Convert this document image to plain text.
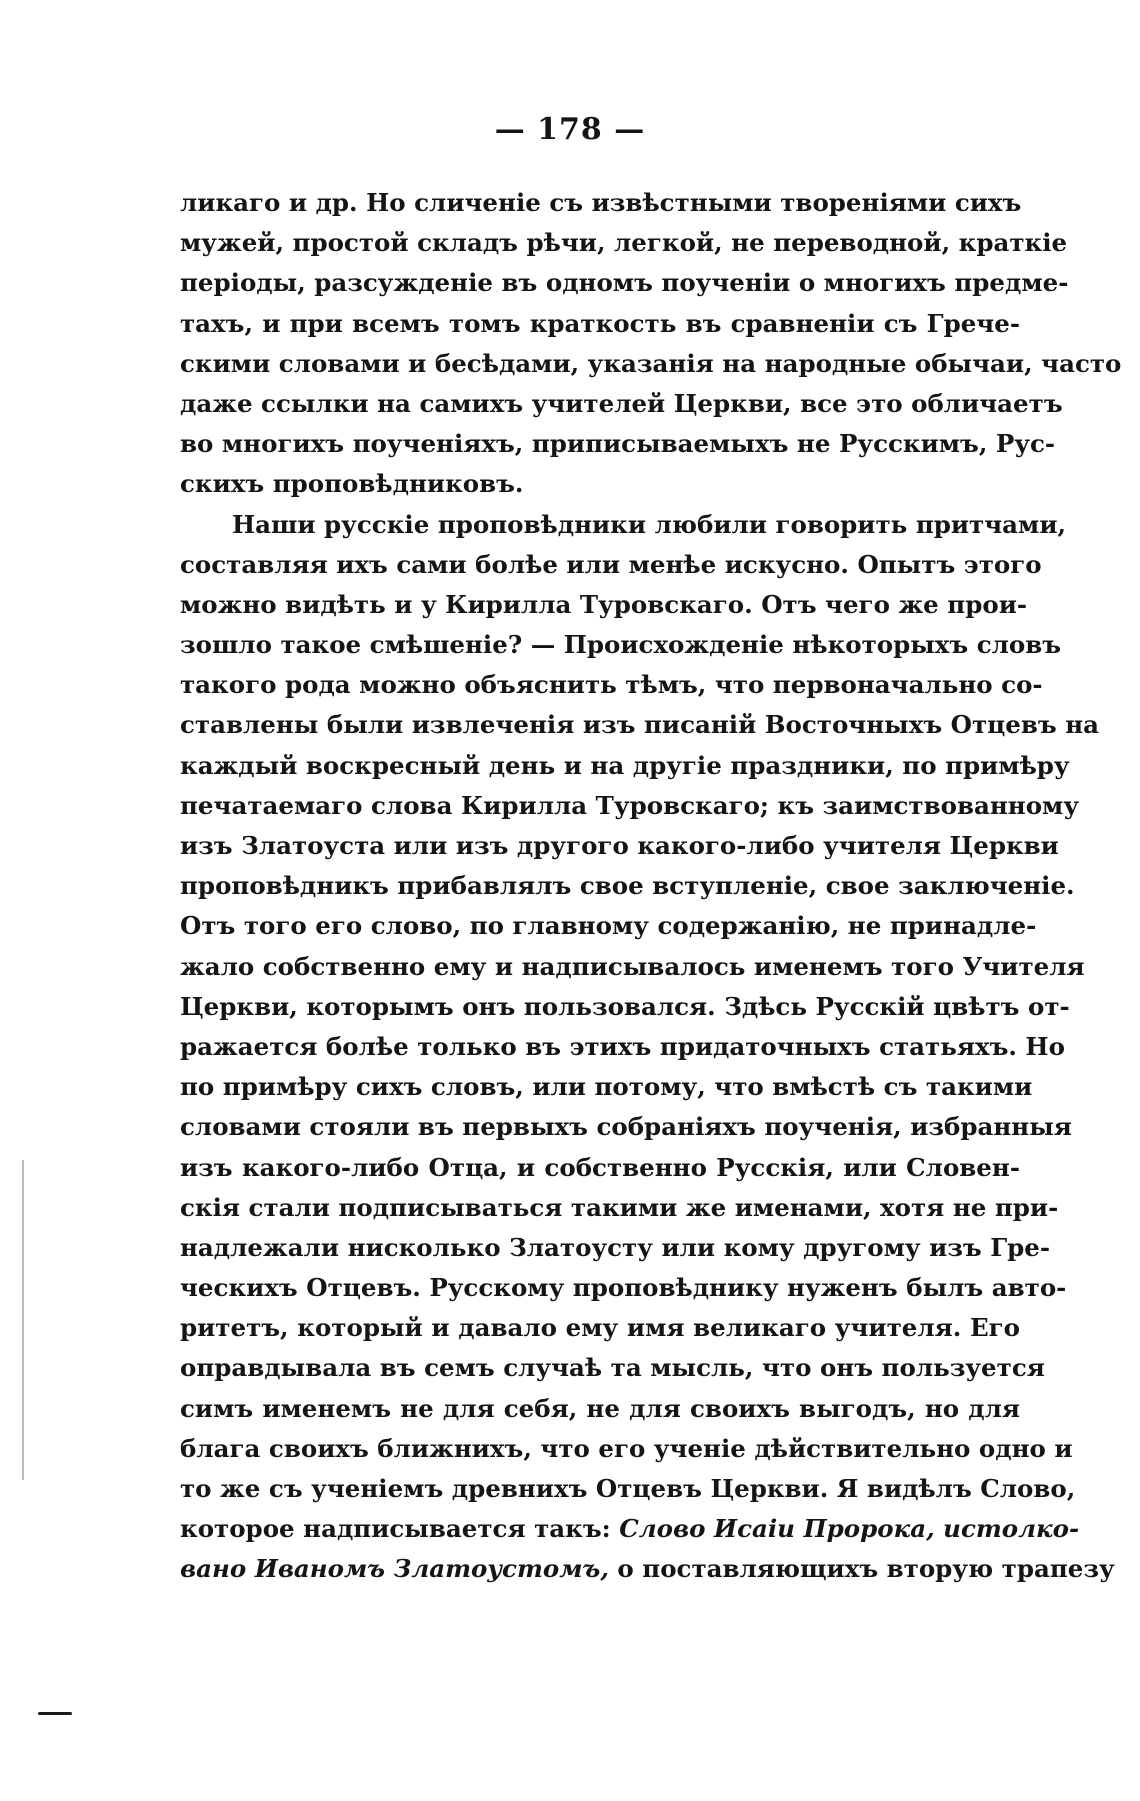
— 178 —
ликаго и др. Но сличеніе съ извѣстными твореніями сихъ
мужей, простой складъ рѣчи, легкой, не переводной, краткіе
періоды, разсужденіе въ одномъ поученіи о многихъ предме-
тахъ, и при всемъ томъ краткость въ сравненіи съ Грече-
скими словами и бесѣдами, указанія на народные обычаи, часто
даже ссылки на самихъ учителей Церкви, все это обличаетъ
во многихъ поученіяхъ, приписываемыхъ не Русскимъ, Рус-
скихъ проповѣдниковъ.
Наши русскіе проповѣдники любили говорить притчами,
составляя ихъ сами болѣе или менѣе искусно. Опытъ этого
можно видѣть и у Кирилла Туровскаго. Отъ чего же прои-
зошло такое смѣшеніе? — Происхожденіе нѣкоторыхъ словъ
такого рода можно объяснить тѣмъ, что первоначально со-
ставлены были извлеченія изъ писаній Восточныхъ Отцевъ на
каждый воскресный день и на другіе праздники, по примѣру
печатаемаго слова Кирилла Туровскаго; къ заимствованному
изъ Златоуста или изъ другого какого-либо учителя Церкви
проповѣдникъ прибавлялъ свое вступленіе, свое заключеніе.
Отъ того его слово, по главному содержанію, не принадле-
жало собственно ему и надписывалось именемъ того Учителя
Церкви, которымъ онъ пользовался. Здѣсь Русскій цвѣтъ от-
ражается болѣе только въ этихъ придаточныхъ статьяхъ. Но
по примѣру сихъ словъ, или потому, что вмѣстѣ съ такими
словами стояли въ первыхъ собраніяхъ поученія, избранныя
изъ какого-либо Отца, и собственно Русскія, или Словен-
скія стали подписываться такими же именами, хотя не при-
надлежали нисколько Златоусту или кому другому изъ Гре-
ческихъ Отцевъ. Русскому проповѣднику нуженъ былъ авто-
ритетъ, который и давало ему имя великаго учителя. Его
оправдывала въ семъ случаѣ та мысль, что онъ пользуется
симъ именемъ не для себя, не для своихъ выгодъ, но для
блага своихъ ближнихъ, что его ученіе дѣйствительно одно и
то же съ ученіемъ древнихъ Отцевъ Церкви. Я видѣлъ Слово,
которое надписывается такъ: Слово Исаіи Пророка, истолко-
вано Иваномъ Златоустомъ, о поставляющихъ вторую трапезу
